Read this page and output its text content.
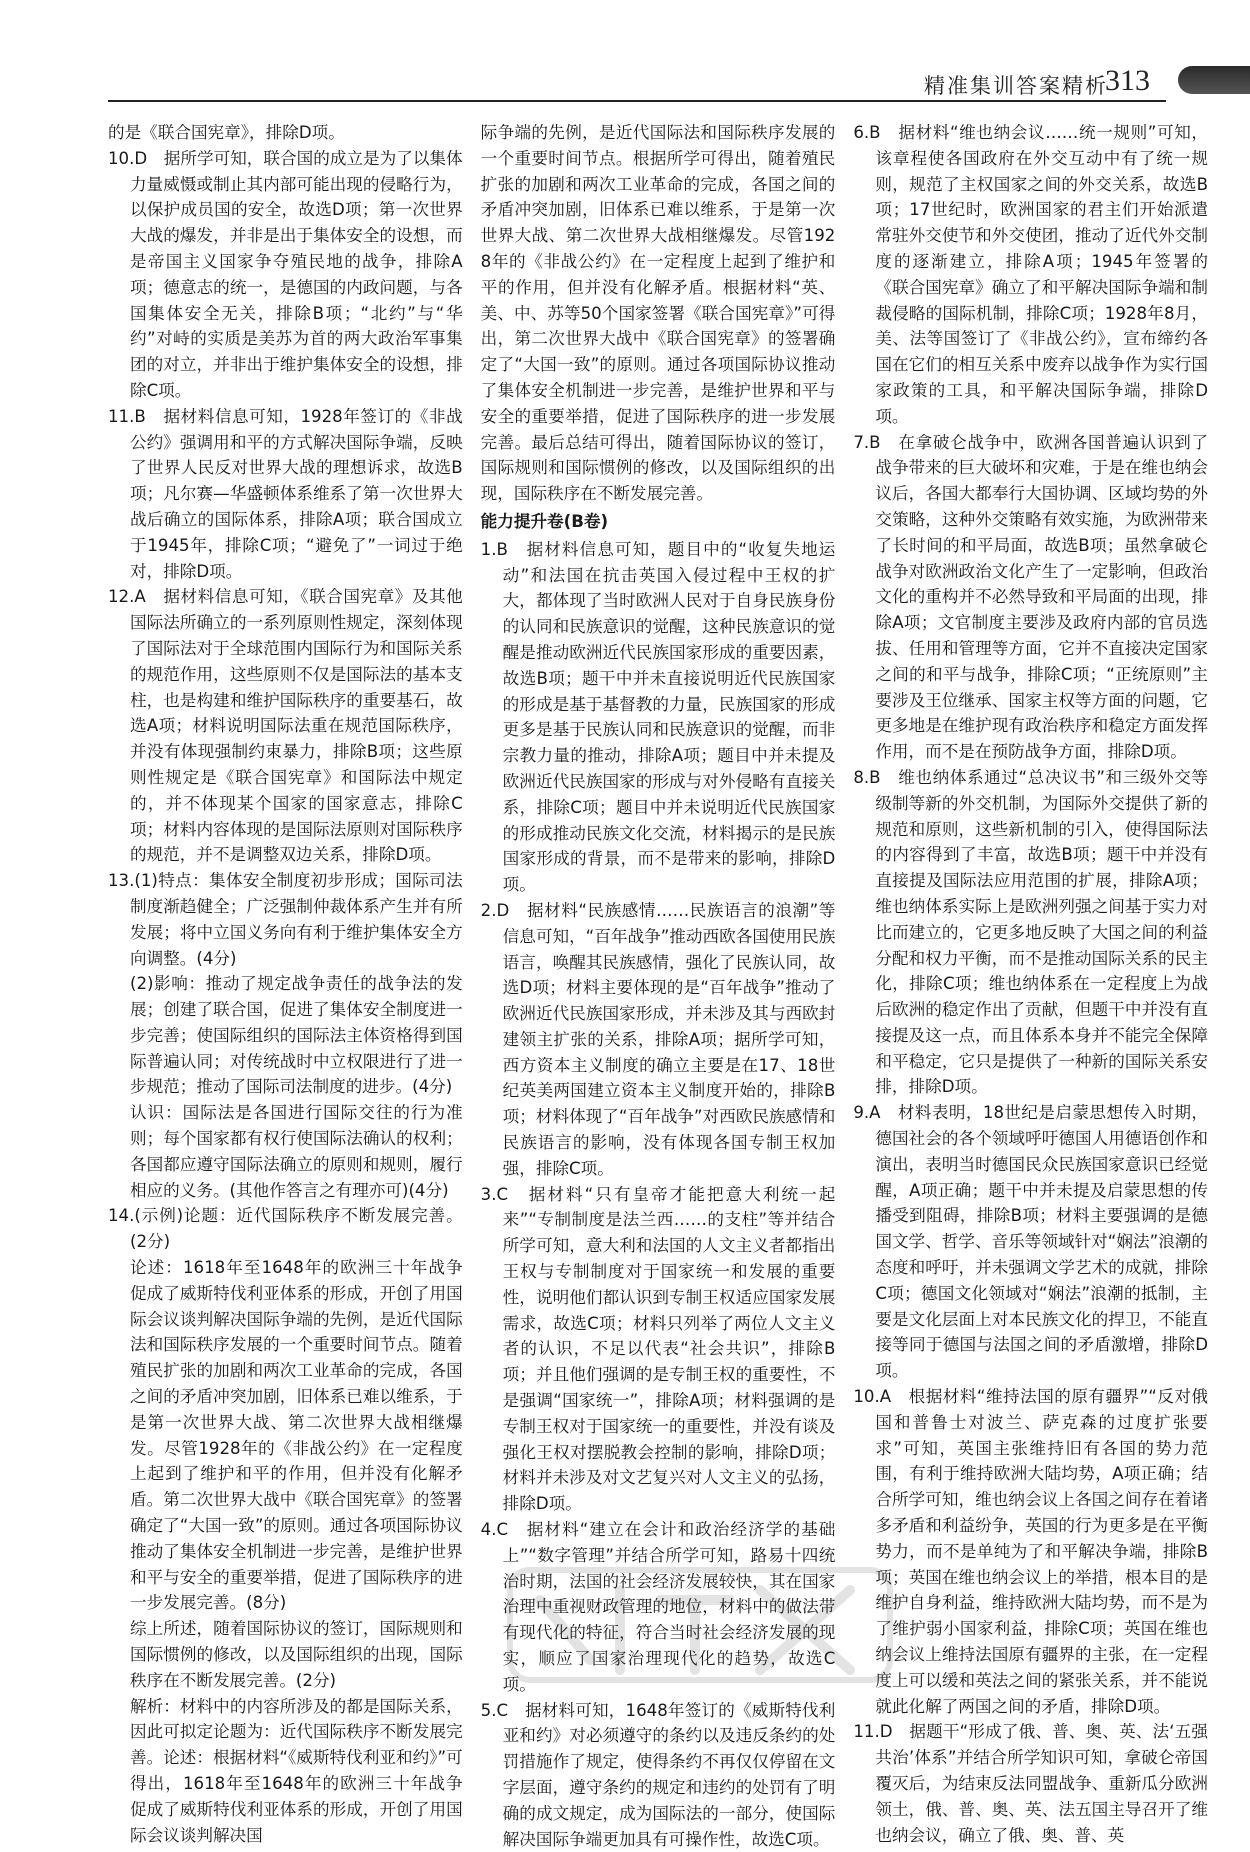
精准集训答案精析
313

的是《联合国宪章》，排除D项。

10.D　据所学可知，联合国的成立是为了以集体力量威慑或制止其内部可能出现的侵略行为，以保护成员国的安全，故选D项；第一次世界大战的爆发，并非是出于集体安全的设想，而是帝国主义国家争夺殖民地的战争，排除A项；德意志的统一，是德国的内政问题，与各国集体安全无关，排除B项；“北约”与“华约”对峙的实质是美苏为首的两大政治军事集团的对立，并非出于维护集体安全的设想，排除C项。

11.B　据材料信息可知，1928年签订的《非战公约》强调用和平的方式解决国际争端，反映了世界人民反对世界大战的理想诉求，故选B项；凡尔赛—华盛顿体系维系了第一次世界大战后确立的国际体系，排除A项；联合国成立于1945年，排除C项；“避免了”一词过于绝对，排除D项。

12.A　据材料信息可知，《联合国宪章》及其他国际法所确立的一系列原则性规定，深刻体现了国际法对于全球范围内国际行为和国际关系的规范作用，这些原则不仅是国际法的基本支柱，也是构建和维护国际秩序的重要基石，故选A项；材料说明国际法重在规范国际秩序，并没有体现强制约束暴力，排除B项；这些原则性规定是《联合国宪章》和国际法中规定的，并不体现某个国家的国家意志，排除C项；材料内容体现的是国际法原则对国际秩序的规范，并不是调整双边关系，排除D项。

13.(1)特点：集体安全制度初步形成；国际司法制度渐趋健全；广泛强制仲裁体系产生并有所发展；将中立国义务向有利于维护集体安全方向调整。(4分)

(2)影响：推动了规定战争责任的战争法的发展；创建了联合国，促进了集体安全制度进一步完善；使国际组织的国际法主体资格得到国际普遍认同；对传统战时中立权限进行了进一步规范；推动了国际司法制度的进步。(4分)

认识：国际法是各国进行国际交往的行为准则；每个国家都有权行使国际法确认的权利；各国都应遵守国际法确立的原则和规则，履行相应的义务。(其他作答言之有理亦可)(4分)

14.(示例)论题：近代国际秩序不断发展完善。(2分)

论述：1618年至1648年的欧洲三十年战争促成了威斯特伐利亚体系的形成，开创了用国际会议谈判解决国际争端的先例，是近代国际法和国际秩序发展的一个重要时间节点。随着殖民扩张的加剧和两次工业革命的完成，各国之间的矛盾冲突加剧，旧体系已难以维系，于是第一次世界大战、第二次世界大战相继爆发。尽管1928年的《非战公约》在一定程度上起到了维护和平的作用，但并没有化解矛盾。第二次世界大战中《联合国宪章》的签署确定了“大国一致”的原则。通过各项国际协议推动了集体安全机制进一步完善，是维护世界和平与安全的重要举措，促进了国际秩序的进一步发展完善。(8分)

综上所述，随着国际协议的签订，国际规则和国际惯例的修改，以及国际组织的出现，国际秩序在不断发展完善。(2分)

解析：材料中的内容所涉及的都是国际关系，因此可拟定论题为：近代国际秩序不断发展完善。论述：根据材料“《威斯特伐利亚和约》”可得出，1618年至1648年的欧洲三十年战争促成了威斯特伐利亚体系的形成，开创了用国际会议谈判解决国

际争端的先例，是近代国际法和国际秩序发展的一个重要时间节点。根据所学可得出，随着殖民扩张的加剧和两次工业革命的完成，各国之间的矛盾冲突加剧，旧体系已难以维系，于是第一次世界大战、第二次世界大战相继爆发。尽管1928年的《非战公约》在一定程度上起到了维护和平的作用，但并没有化解矛盾。根据材料“英、美、中、苏等50个国家签署《联合国宪章》”可得出，第二次世界大战中《联合国宪章》的签署确定了“大国一致”的原则。通过各项国际协议推动了集体安全机制进一步完善，是维护世界和平与安全的重要举措，促进了国际秩序的进一步发展完善。最后总结可得出，随着国际协议的签订，国际规则和国际惯例的修改，以及国际组织的出现，国际秩序在不断发展完善。

能力提升卷(B卷)

1.B　据材料信息可知，题目中的“收复失地运动”和法国在抗击英国入侵过程中王权的扩大，都体现了当时欧洲人民对于自身民族身份的认同和民族意识的觉醒，这种民族意识的觉醒是推动欧洲近代民族国家形成的重要因素，故选B项；题干中并未直接说明近代民族国家的形成是基于基督教的力量，民族国家的形成更多是基于民族认同和民族意识的觉醒，而非宗教力量的推动，排除A项；题目中并未提及欧洲近代民族国家的形成与对外侵略有直接关系，排除C项；题目中并未说明近代民族国家的形成推动民族文化交流，材料揭示的是民族国家形成的背景，而不是带来的影响，排除D项。

2.D　据材料“民族感情……民族语言的浪潮”等信息可知，“百年战争”推动西欧各国使用民族语言，唤醒其民族感情，强化了民族认同，故选D项；材料主要体现的是“百年战争”推动了欧洲近代民族国家形成，并未涉及其与西欧封建领主扩张的关系，排除A项；据所学可知，西方资本主义制度的确立主要是在17、18世纪英美两国建立资本主义制度开始的，排除B项；材料体现了“百年战争”对西欧民族感情和民族语言的影响，没有体现各国专制王权加强，排除C项。

3.C　据材料“只有皇帝才能把意大利统一起来”“专制制度是法兰西……的支柱”等并结合所学可知，意大利和法国的人文主义者都指出王权与专制制度对于国家统一和发展的重要性，说明他们都认识到专制王权适应国家发展需求，故选C项；材料只列举了两位人文主义者的认识，不足以代表“社会共识”，排除B项；并且他们强调的是专制王权的重要性，不是强调“国家统一”，排除A项；材料强调的是专制王权对于国家统一的重要性，并没有谈及强化王权对摆脱教会控制的影响，排除D项；材料并未涉及对文艺复兴对人文主义的弘扬，排除D项。

4.C　据材料“建立在会计和政治经济学的基础上”“数字管理”并结合所学可知，路易十四统治时期，法国的社会经济发展较快，其在国家治理中重视财政管理的地位，材料中的做法带有现代化的特征，符合当时社会经济发展的现实，顺应了国家治理现代化的趋势，故选C项。

5.C　据材料可知，1648年签订的《威斯特伐利亚和约》对必须遵守的条约以及违反条约的处罚措施作了规定，使得条约不再仅仅停留在文字层面，遵守条约的规定和违约的处罚有了明确的成文规定，成为国际法的一部分，使国际解决国际争端更加具有可操作性，故选C项。

6.B　据材料“维也纳会议……统一规则”可知，该章程使各国政府在外交互动中有了统一规则，规范了主权国家之间的外交关系，故选B项；17世纪时，欧洲国家的君主们开始派遣常驻外交使节和外交使团，推动了近代外交制度的逐渐建立，排除A项；1945年签署的《联合国宪章》确立了和平解决国际争端和制裁侵略的国际机制，排除C项；1928年8月，美、法等国签订了《非战公约》，宣布缔约各国在它们的相互关系中废弃以战争作为实行国家政策的工具，和平解决国际争端，排除D项。

7.B　在拿破仑战争中，欧洲各国普遍认识到了战争带来的巨大破坏和灾难，于是在维也纳会议后，各国大都奉行大国协调、区域均势的外交策略，这种外交策略有效实施，为欧洲带来了长时间的和平局面，故选B项；虽然拿破仑战争对欧洲政治文化产生了一定影响，但政治文化的重构并不必然导致和平局面的出现，排除A项；文官制度主要涉及政府内部的官员选拔、任用和管理等方面，它并不直接决定国家之间的和平与战争，排除C项；“正统原则”主要涉及王位继承、国家主权等方面的问题，它更多地是在维护现有政治秩序和稳定方面发挥作用，而不是在预防战争方面，排除D项。

8.B　维也纳体系通过“总决议书”和三级外交等级制等新的外交机制，为国际外交提供了新的规范和原则，这些新机制的引入，使得国际法的内容得到了丰富，故选B项；题干中并没有直接提及国际法应用范围的扩展，排除A项；维也纳体系实际上是欧洲列强之间基于实力对比而建立的，它更多地反映了大国之间的利益分配和权力平衡，而不是推动国际关系的民主化，排除C项；维也纳体系在一定程度上为战后欧洲的稳定作出了贡献，但题干中并没有直接提及这一点，而且体系本身并不能完全保障和平稳定，它只是提供了一种新的国际关系安排，排除D项。

9.A　材料表明，18世纪是启蒙思想传入时期，德国社会的各个领域呼吁德国人用德语创作和演出，表明当时德国民众民族国家意识已经觉醒，A项正确；题干中并未提及启蒙思想的传播受到阻碍，排除B项；材料主要强调的是德国文学、哲学、音乐等领域针对“娴法”浪潮的态度和呼吁，并未强调文学艺术的成就，排除C项；德国文化领域对“娴法”浪潮的抵制，主要是文化层面上对本民族文化的捍卫，不能直接等同于德国与法国之间的矛盾激增，排除D项。

10.A　根据材料“维持法国的原有疆界”“反对俄国和普鲁士对波兰、萨克森的过度扩张要求”可知，英国主张维持旧有各国的势力范围，有利于维持欧洲大陆均势，A项正确；结合所学可知，维也纳会议上各国之间存在着诸多矛盾和利益纷争，英国的行为更多是在平衡势力，而不是单纯为了和平解决争端，排除B项；英国在维也纳会议上的举措，根本目的是维护自身利益，维持欧洲大陆均势，而不是为了维护弱小国家利益，排除C项；英国在维也纳会议上维持法国原有疆界的主张，在一定程度上可以缓和英法之间的紧张关系，并不能说就此化解了两国之间的矛盾，排除D项。

11.D　据题干“形成了俄、普、奥、英、法‘五强共治’体系”并结合所学知识可知，拿破仑帝国覆灭后，为结束反法同盟战争、重新瓜分欧洲领土，俄、普、奥、英、法五国主导召开了维也纳会议，确立了俄、奥、普、英
